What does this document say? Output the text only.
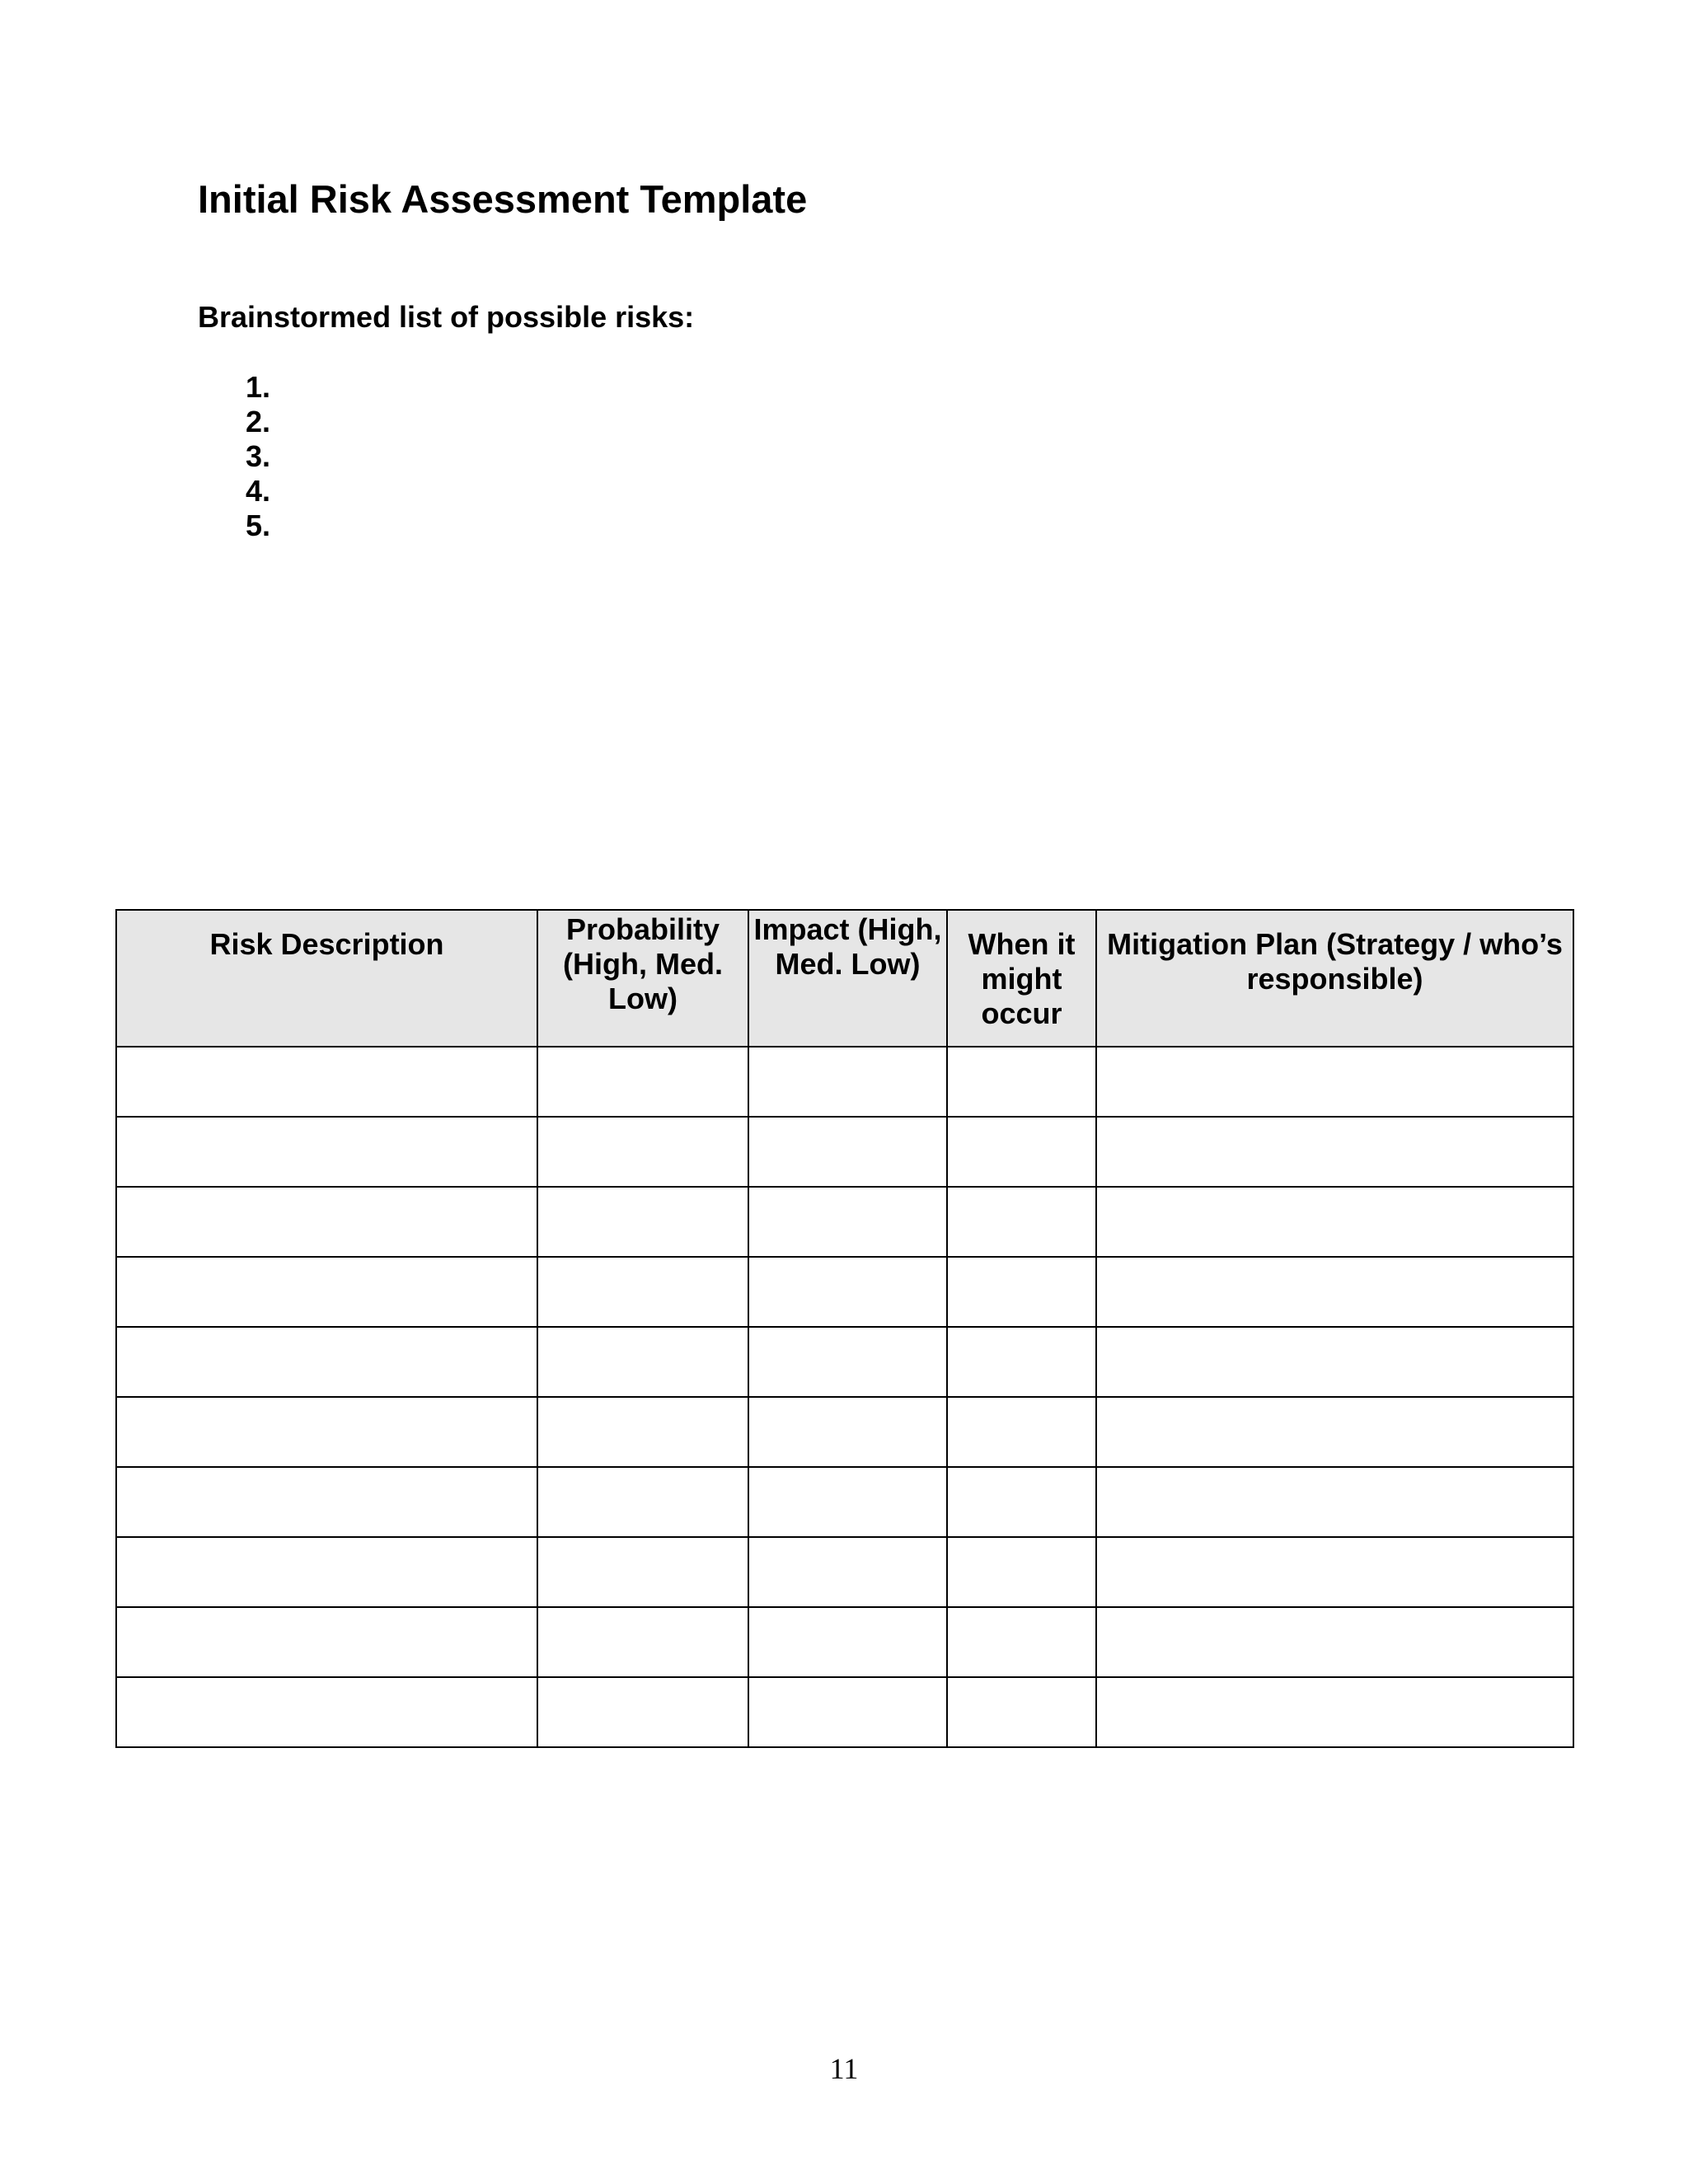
Initial Risk Assessment Template
Brainstormed list of possible risks:
1.
2.
3.
4.
5.
Risk Description	Probability (High, Med. Low)	Impact (High, Med. Low)	When it might occur	Mitigation Plan (Strategy / who’s responsible)

11
